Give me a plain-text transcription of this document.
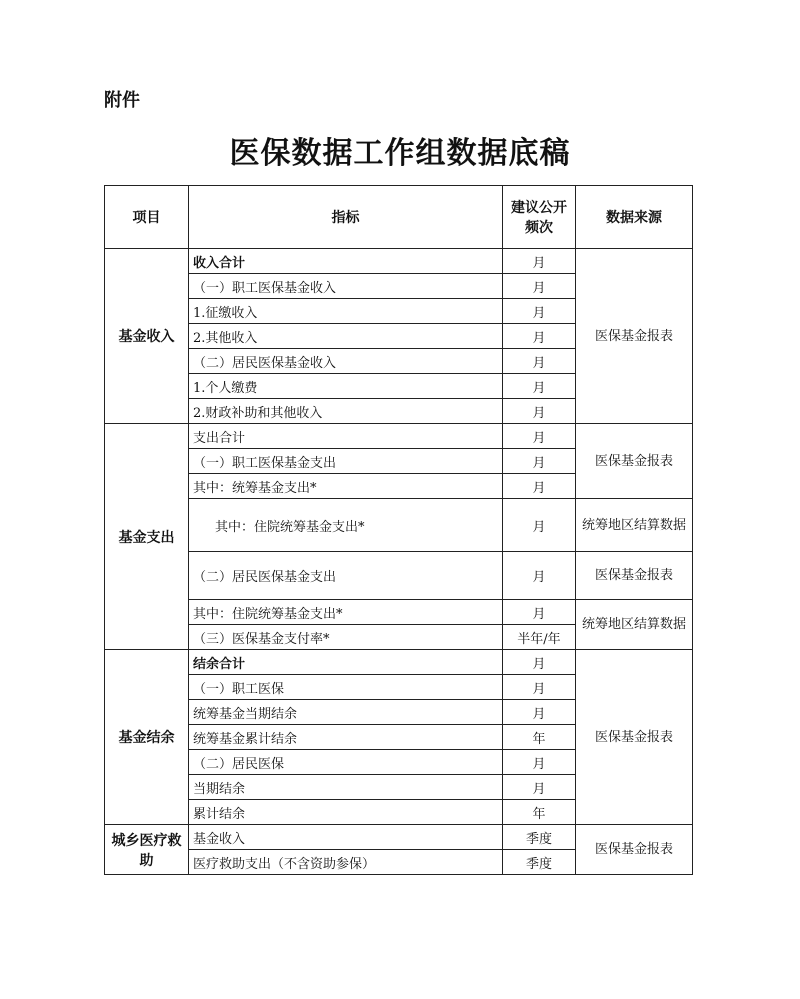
附件
医保数据工作组数据底稿
项目	指标	建议公开频次	数据来源
基金收入	收入合计	月	医保基金报表
	（一）职工医保基金收入	月	
	1.征缴收入	月	
	2.其他收入	月	
	（二）居民医保基金收入	月	
	1.个人缴费	月	
	2.财政补助和其他收入	月	
基金支出	支出合计	月	医保基金报表
	（一）职工医保基金支出	月	
	其中：统筹基金支出*	月	
	其中：住院统筹基金支出*	月	统筹地区结算数据
	（二）居民医保基金支出	月	医保基金报表
	其中：住院统筹基金支出*	月	统筹地区结算数据
	（三）医保基金支付率*	半年/年	
基金结余	结余合计	月	医保基金报表
	（一）职工医保	月	
	统筹基金当期结余	月	
	统筹基金累计结余	年	
	（二）居民医保	月	
	当期结余	月	
	累计结余	年	
城乡医疗救助	基金收入	季度	医保基金报表
	医疗救助支出（不含资助参保）	季度	
